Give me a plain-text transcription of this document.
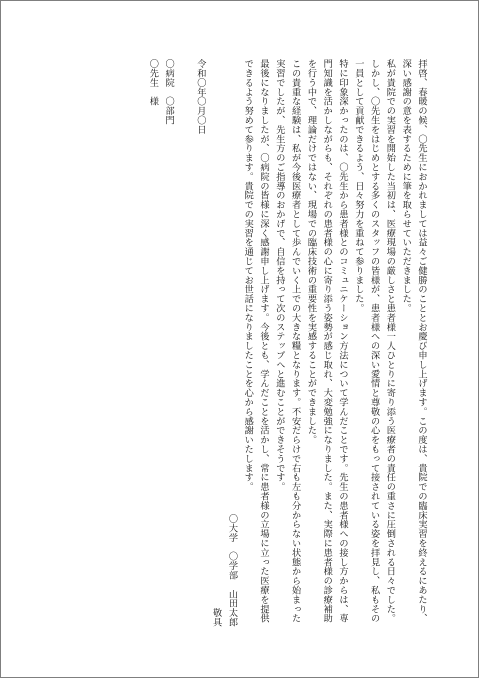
拝啓、春暖の候、〇先生におかれましては益々ご健勝のこととお慶び申し上げます。この度は、貴院での臨床実習を終えるにあたり、深い感謝の意を表するために筆を取らせていただきました。

私が貴院での実習を開始した当初は、医療現場の厳しさと患者様一人ひとりに寄り添う医療者の責任の重さに圧倒される日々でした。しかし、〇先生をはじめとする多くのスタッフの皆様が、患者様への深い愛情と尊敬の心をもって接されている姿を拝見し、私もその一員として貢献できるよう、日々努力を重ねて参りました。

特に印象深かったのは、〇先生から患者様とのコミュニケーション方法について学んだことです。先生の患者様への接し方からは、専門知識を活かしながらも、それぞれの患者様の心に寄り添う姿勢が感じ取れ、大変勉強になりました。また、実際に患者様の診療補助を行う中で、理論だけではない、現場での臨床技術の重要性を実感することができました。

この貴重な経験は、私が今後医療者として歩んでいく上での大きな糧となります。不安だらけで右も左も分からない状態から始まった実習でしたが、先生方のご指導のおかげで、自信を持って次のステップへと進むことができそうです。

最後になりましたが、〇病院の皆様に深く感謝申し上げます。今後とも、学んだことを活かし、常に患者様の立場に立った医療を提供できるよう努めて参ります。貴院での実習を通じてお世話になりましたことを心から感謝いたします。

〇大学　〇学部　山田太郎

敬具

令和〇年〇月〇日

〇病院　〇部門

〇先生　様
